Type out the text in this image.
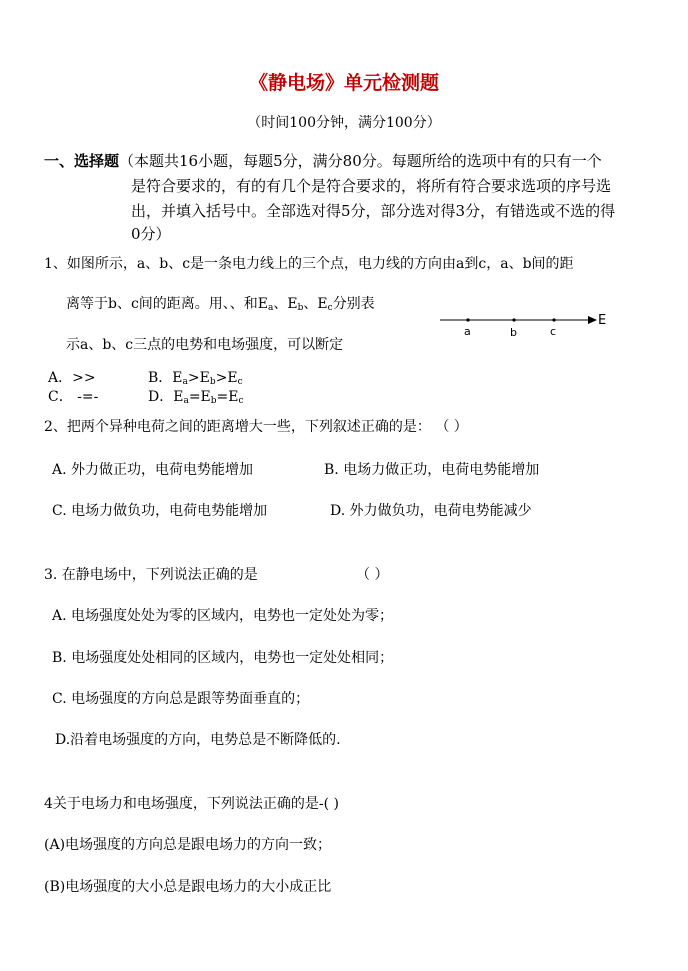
《静电场》单元检测题
（时间100分钟，满分100分）
一、选择题（本题共16小题，每题5分，满分80分。每题所给的选项中有的只有一个
是符合要求的，有的有几个是符合要求的，将所有符合要求选项的序号选
出，并填入括号中。全部选对得5分，部分选对得3分，有错选或不选的得
0分）
1、如图所示，a、b、c是一条电力线上的三个点，电力线的方向由a到c，a、b间的距
离等于b、c间的距离。用、、和$E_a$、$E_b$、$E_c$分别表
示a、b、c三点的电势和电场强度，可以断定
a	b	c
E
A．>>	B．$E_a>E_b>E_c$
C． -=-	D．$E_a=E_b=E_c$
2、把两个异种电荷之间的距离增大一些，下列叙述正确的是： （ ）
A. 外力做正功，电荷电势能增加	B. 电场力做正功，电荷电势能增加
C. 电场力做负功，电荷电势能增加	D. 外力做负功，电荷电势能减少
3. 在静电场中，下列说法正确的是	（ ）
A. 电场强度处处为零的区域内，电势也一定处处为零；
B. 电场强度处处相同的区域内，电势也一定处处相同；
C. 电场强度的方向总是跟等势面垂直的；
D.沿着电场强度的方向，电势总是不断降低的.
4关于电场力和电场强度，下列说法正确的是-( )
(A)电场强度的方向总是跟电场力的方向一致；
(B)电场强度的大小总是跟电场力的大小成正比
